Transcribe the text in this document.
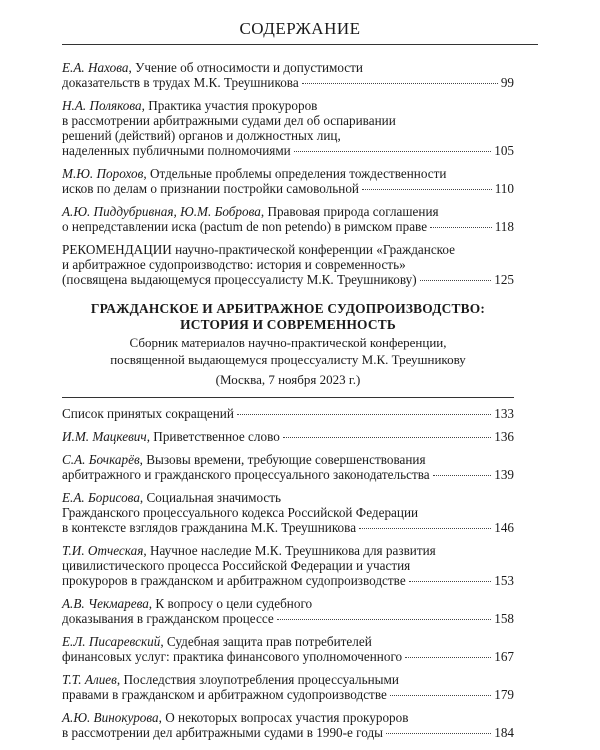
СОДЕРЖАНИЕ
Е.А. Нахова, Учение об относимости и допустимости
доказательств в трудах М.К. Треушникова	99
Н.А. Полякова, Практика участия прокуроров
в рассмотрении арбитражными судами дел об оспаривании
решений (действий) органов и должностных лиц,
наделенных публичными полномочиями	105
М.Ю. Порохов, Отдельные проблемы определения тождественности
исков по делам о признании постройки самовольной	110
А.Ю. Пиддубривная, Ю.М. Боброва, Правовая природа соглашения
о непредставлении иска (pactum de non petendo) в римском праве	118
РЕКОМЕНДАЦИИ научно-практической конференции «Гражданское
и арбитражное судопроизводство: история и современность»
(посвящена выдающемуся процессуалисту М.К. Треушникову)	125
ГРАЖДАНСКОЕ И АРБИТРАЖНОЕ СУДОПРОИЗВОДСТВО:
ИСТОРИЯ И СОВРЕМЕННОСТЬ
Сборник материалов научно-практической конференции,
посвященной выдающемуся процессуалисту М.К. Треушникову
(Москва, 7 ноября 2023 г.)
Список принятых сокращений	133
И.М. Мацкевич, Приветственное слово	136
С.А. Бочкарёв, Вызовы времени, требующие совершенствования
арбитражного и гражданского процессуального законодательства	139
Е.А. Борисова, Социальная значимость
Гражданского процессуального кодекса Российской Федерации
в контексте взглядов гражданина М.К. Треушникова	146
Т.И. Отческая, Научное наследие М.К. Треушникова для развития
цивилистического процесса Российской Федерации и участия
прокуроров в гражданском и арбитражном судопроизводстве	153
А.В. Чекмарева, К вопросу о цели судебного
доказывания в гражданском процессе	158
Е.Л. Писаревский, Судебная защита прав потребителей
финансовых услуг: практика финансового уполномоченного	167
Т.Т. Алиев, Последствия злоупотребления процессуальными
правами в гражданском и арбитражном судопроизводстве	179
А.Ю. Винокурова, О некоторых вопросах участия прокуроров
в рассмотрении дел арбитражными судами в 1990-е годы	184
